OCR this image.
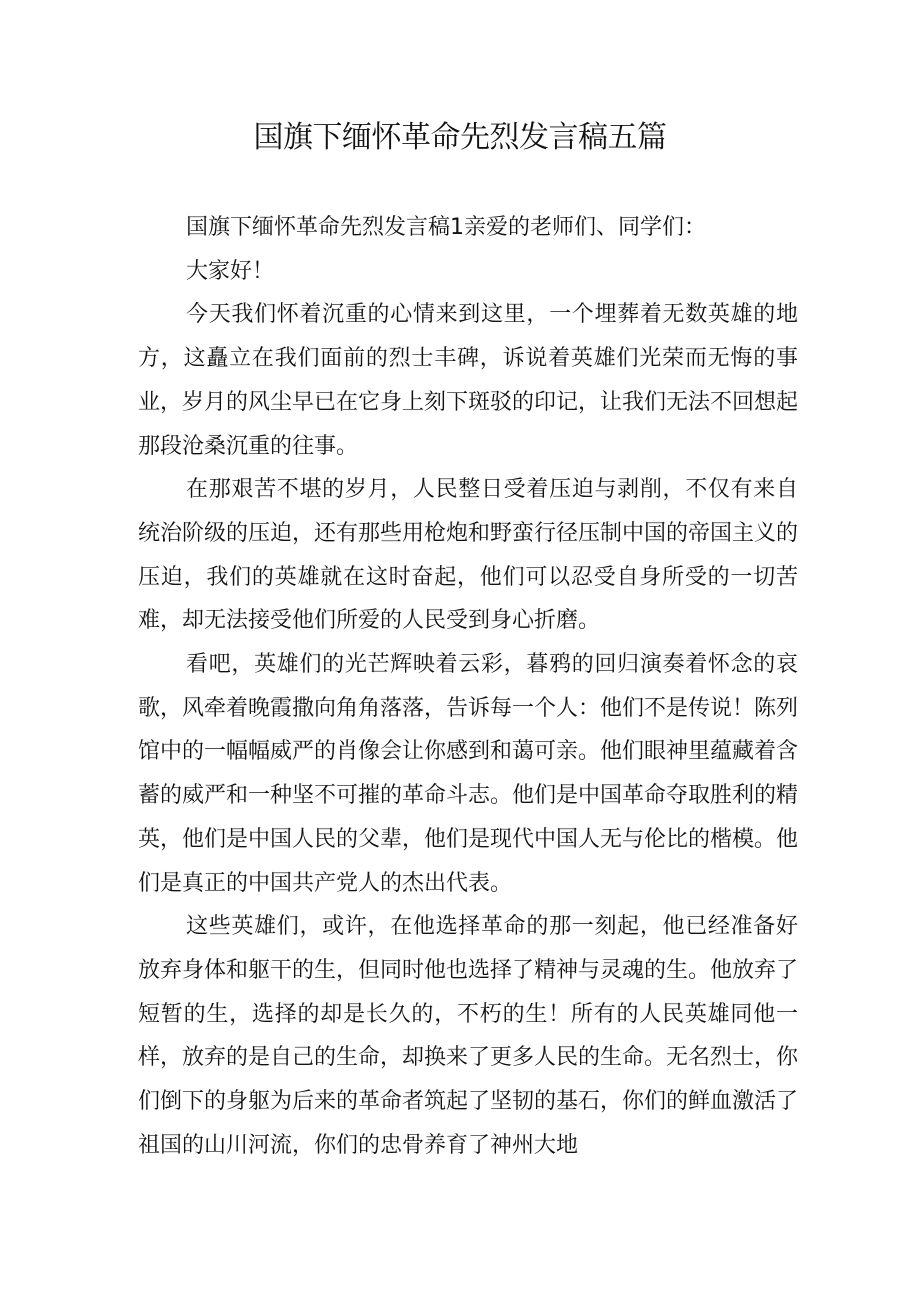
国旗下缅怀革命先烈发言稿五篇

国旗下缅怀革命先烈发言稿1亲爱的老师们、同学们：

大家好！

今天我们怀着沉重的心情来到这里，一个埋葬着无数英雄的地方，这矗立在我们面前的烈士丰碑，诉说着英雄们光荣而无悔的事业，岁月的风尘早已在它身上刻下斑驳的印记，让我们无法不回想起那段沧桑沉重的往事。

在那艰苦不堪的岁月，人民整日受着压迫与剥削，不仅有来自统治阶级的压迫，还有那些用枪炮和野蛮行径压制中国的帝国主义的压迫，我们的英雄就在这时奋起，他们可以忍受自身所受的一切苦难，却无法接受他们所爱的人民受到身心折磨。

看吧，英雄们的光芒辉映着云彩，暮鸦的回归演奏着怀念的哀歌，风牵着晚霞撒向角角落落，告诉每一个人：他们不是传说！陈列馆中的一幅幅威严的肖像会让你感到和蔼可亲。他们眼神里蕴藏着含蓄的威严和一种坚不可摧的革命斗志。他们是中国革命夺取胜利的精英，他们是中国人民的父辈，他们是现代中国人无与伦比的楷模。他们是真正的中国共产党人的杰出代表。

这些英雄们，或许，在他选择革命的那一刻起，他已经准备好放弃身体和躯干的生，但同时他也选择了精神与灵魂的生。他放弃了短暂的生，选择的却是长久的，不朽的生！所有的人民英雄同他一样，放弃的是自己的生命，却换来了更多人民的生命。无名烈士，你们倒下的身躯为后来的革命者筑起了坚韧的基石，你们的鲜血激活了祖国的山川河流，你们的忠骨养育了神州大地
